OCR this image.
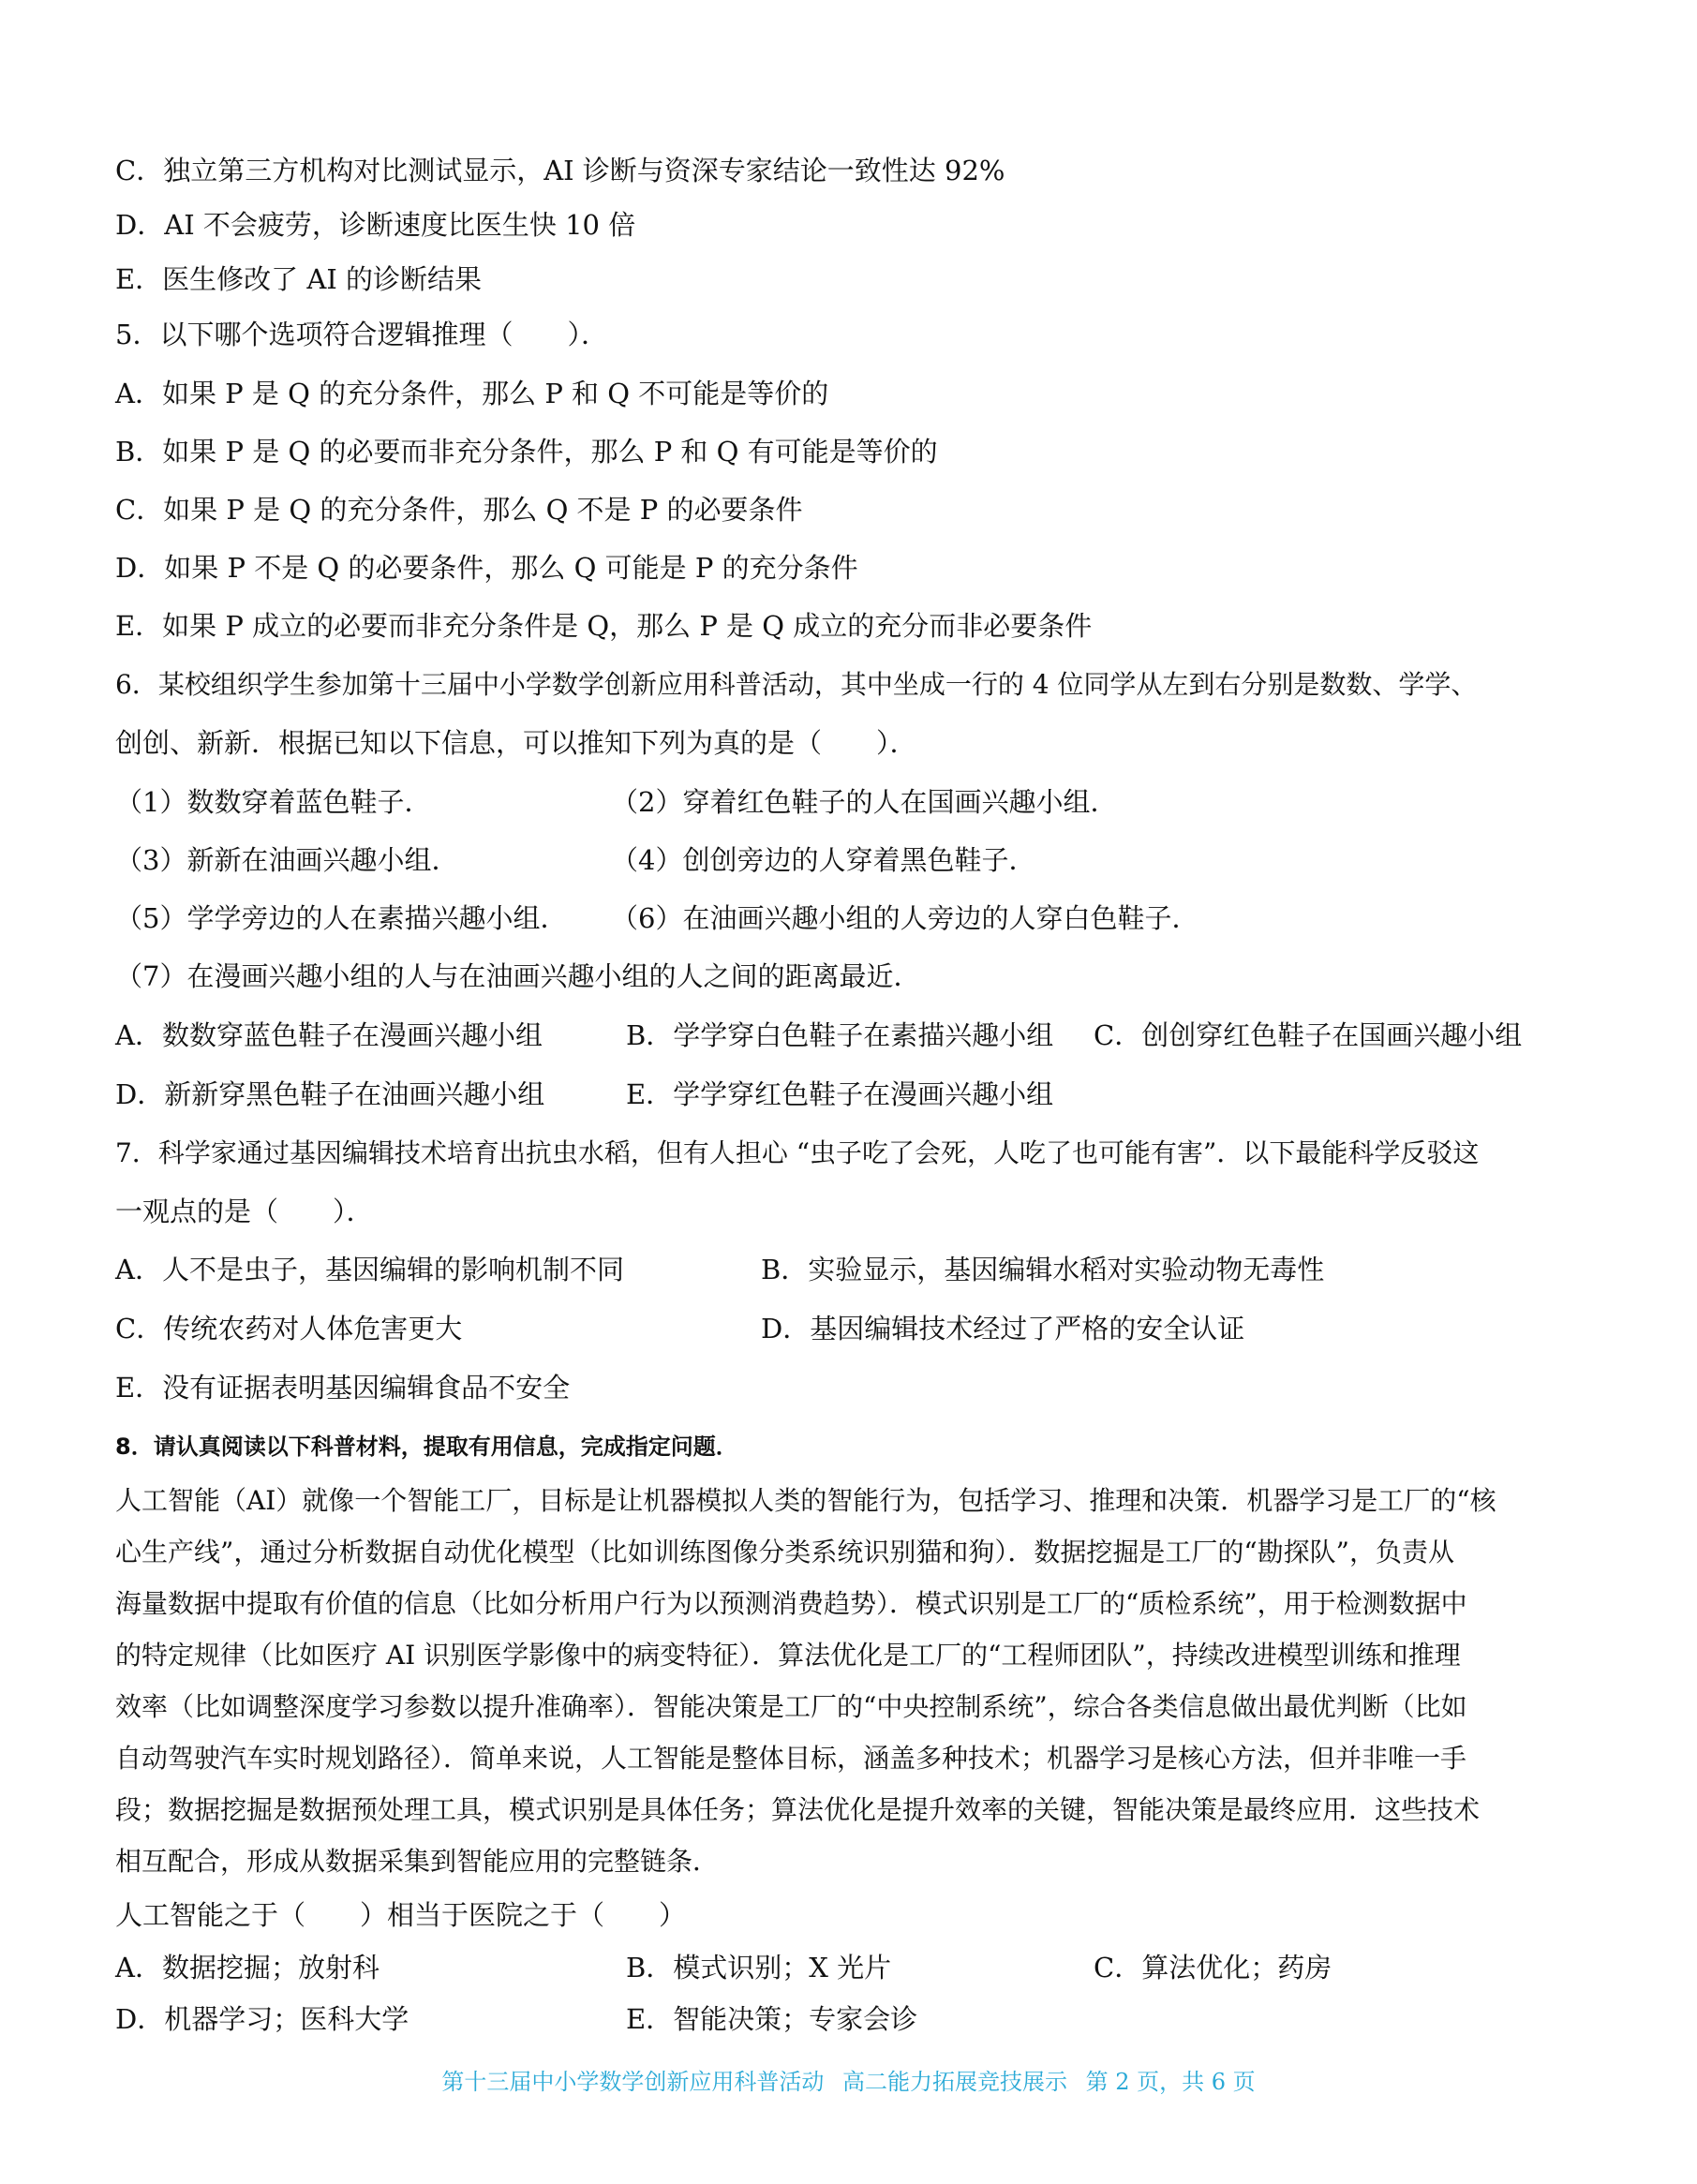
C．独立第三方机构对比测试显示，AI 诊断与资深专家结论一致性达 92%
D．AI 不会疲劳，诊断速度比医生快 10 倍
E．医生修改了 AI 的诊断结果
5．以下哪个选项符合逻辑推理（　　）．
A．如果 P 是 Q 的充分条件，那么 P 和 Q 不可能是等价的
B．如果 P 是 Q 的必要而非充分条件，那么 P 和 Q 有可能是等价的
C．如果 P 是 Q 的充分条件，那么 Q 不是 P 的必要条件
D．如果 P 不是 Q 的必要条件，那么 Q 可能是 P 的充分条件
E．如果 P 成立的必要而非充分条件是 Q，那么 P 是 Q 成立的充分而非必要条件
6．某校组织学生参加第十三届中小学数学创新应用科普活动，其中坐成一行的 4 位同学从左到右分别是数数、学学、
创创、新新．根据已知以下信息，可以推知下列为真的是（　　）．
（1）数数穿着蓝色鞋子．	（2）穿着红色鞋子的人在国画兴趣小组．
（3）新新在油画兴趣小组．	（4）创创旁边的人穿着黑色鞋子．
（5）学学旁边的人在素描兴趣小组． （6）在油画兴趣小组的人旁边的人穿白色鞋子．
（7）在漫画兴趣小组的人与在油画兴趣小组的人之间的距离最近．
A．数数穿蓝色鞋子在漫画兴趣小组	B．学学穿白色鞋子在素描兴趣小组 C．创创穿红色鞋子在国画兴趣小组
D．新新穿黑色鞋子在油画兴趣小组	E．学学穿红色鞋子在漫画兴趣小组
7．科学家通过基因编辑技术培育出抗虫水稻，但有人担心 “虫子吃了会死，人吃了也可能有害”．以下最能科学反驳这
一观点的是（　　）．
A．人不是虫子，基因编辑的影响机制不同	B．实验显示，基因编辑水稻对实验动物无毒性
C．传统农药对人体危害更大	D．基因编辑技术经过了严格的安全认证
E．没有证据表明基因编辑食品不安全
8．请认真阅读以下科普材料，提取有用信息，完成指定问题．
人工智能（AI）就像一个智能工厂，目标是让机器模拟人类的智能行为，包括学习、推理和决策．机器学习是工厂的“核
心生产线”，通过分析数据自动优化模型（比如训练图像分类系统识别猫和狗）．数据挖掘是工厂的“勘探队”，负责从
海量数据中提取有价值的信息（比如分析用户行为以预测消费趋势）．模式识别是工厂的“质检系统”，用于检测数据中
的特定规律（比如医疗 AI 识别医学影像中的病变特征）．算法优化是工厂的“工程师团队”，持续改进模型训练和推理
效率（比如调整深度学习参数以提升准确率）．智能决策是工厂的“中央控制系统”，综合各类信息做出最优判断（比如
自动驾驶汽车实时规划路径）．简单来说，人工智能是整体目标，涵盖多种技术；机器学习是核心方法，但并非唯一手
段；数据挖掘是数据预处理工具，模式识别是具体任务；算法优化是提升效率的关键，智能决策是最终应用．这些技术
相互配合，形成从数据采集到智能应用的完整链条．
人工智能之于（　　）相当于医院之于（　　）
A．数据挖掘；放射科	B．模式识别；X 光片	C．算法优化；药房
D．机器学习；医科大学	E．智能决策；专家会诊
第十三届中小学数学创新应用科普活动 高二能力拓展竞技展示 第 2 页，共 6 页
